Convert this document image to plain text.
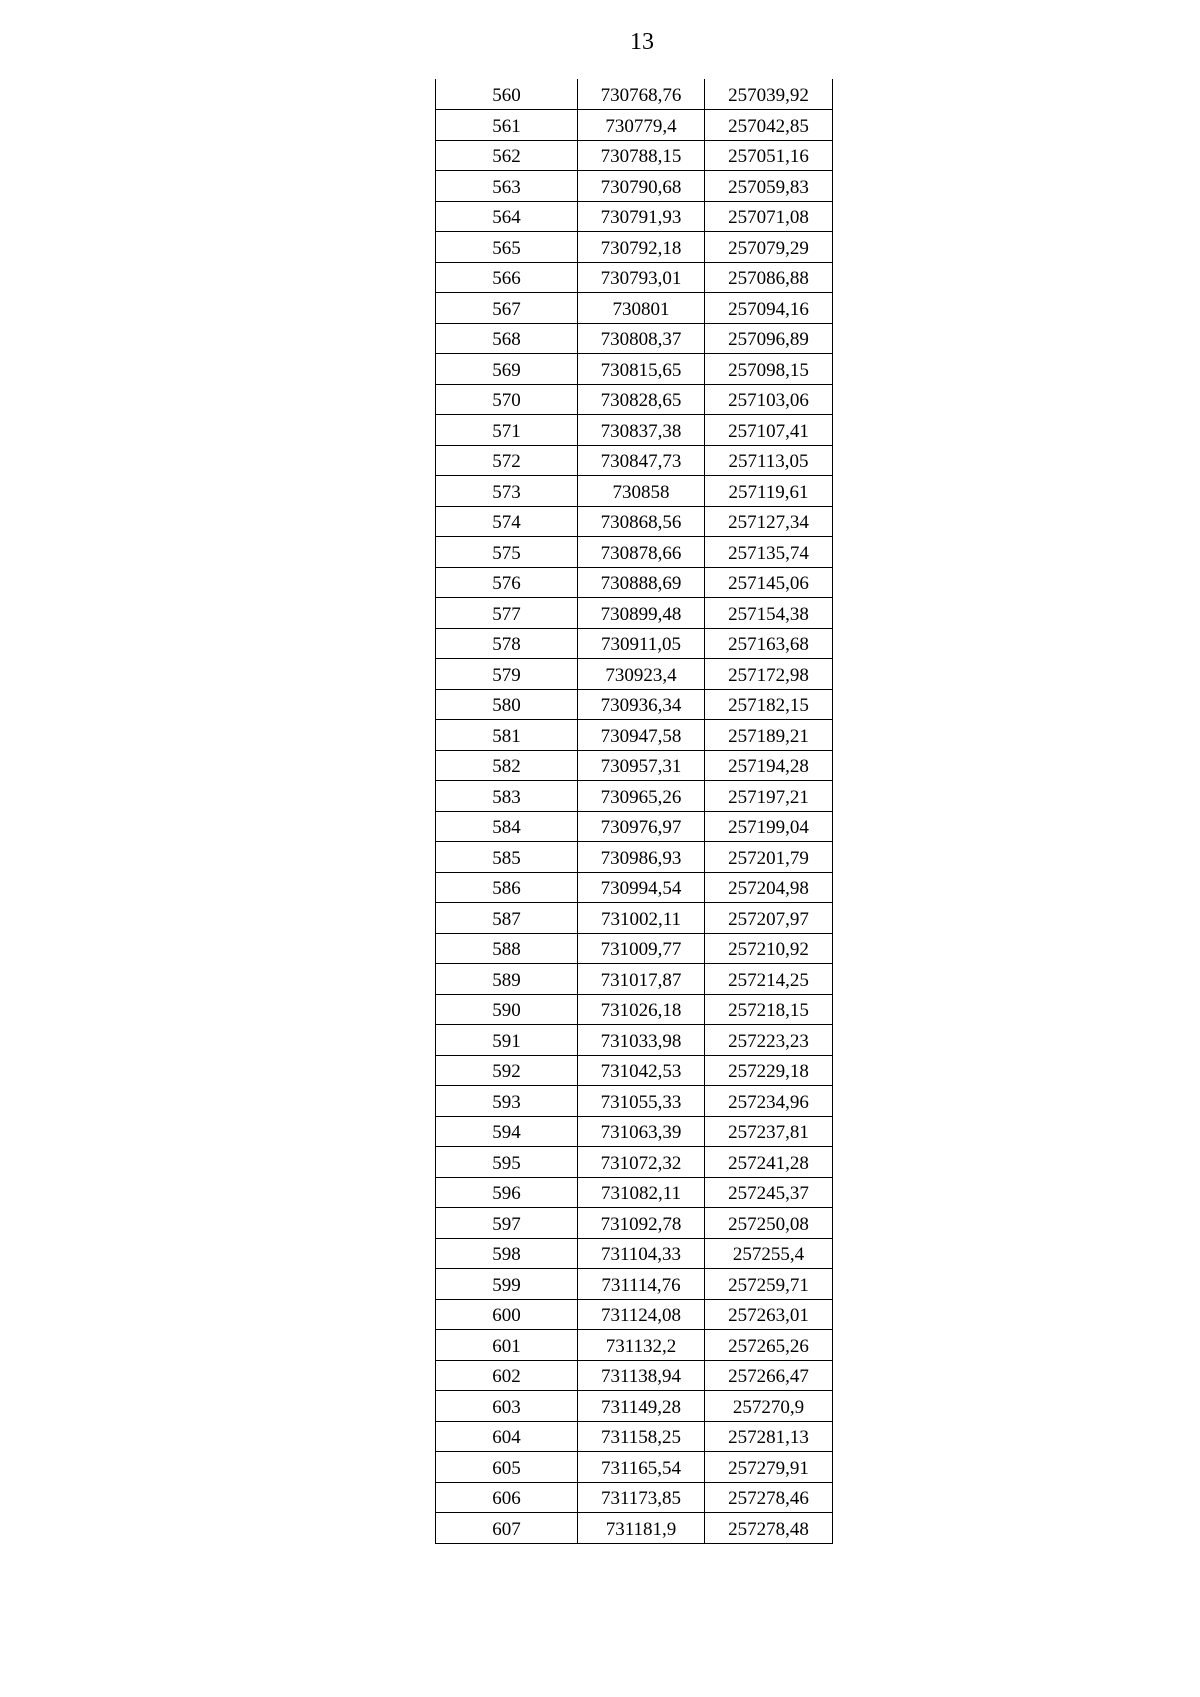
13
560	730768,76	257039,92
561	730779,4	257042,85
562	730788,15	257051,16
563	730790,68	257059,83
564	730791,93	257071,08
565	730792,18	257079,29
566	730793,01	257086,88
567	730801	257094,16
568	730808,37	257096,89
569	730815,65	257098,15
570	730828,65	257103,06
571	730837,38	257107,41
572	730847,73	257113,05
573	730858	257119,61
574	730868,56	257127,34
575	730878,66	257135,74
576	730888,69	257145,06
577	730899,48	257154,38
578	730911,05	257163,68
579	730923,4	257172,98
580	730936,34	257182,15
581	730947,58	257189,21
582	730957,31	257194,28
583	730965,26	257197,21
584	730976,97	257199,04
585	730986,93	257201,79
586	730994,54	257204,98
587	731002,11	257207,97
588	731009,77	257210,92
589	731017,87	257214,25
590	731026,18	257218,15
591	731033,98	257223,23
592	731042,53	257229,18
593	731055,33	257234,96
594	731063,39	257237,81
595	731072,32	257241,28
596	731082,11	257245,37
597	731092,78	257250,08
598	731104,33	257255,4
599	731114,76	257259,71
600	731124,08	257263,01
601	731132,2	257265,26
602	731138,94	257266,47
603	731149,28	257270,9
604	731158,25	257281,13
605	731165,54	257279,91
606	731173,85	257278,46
607	731181,9	257278,48
